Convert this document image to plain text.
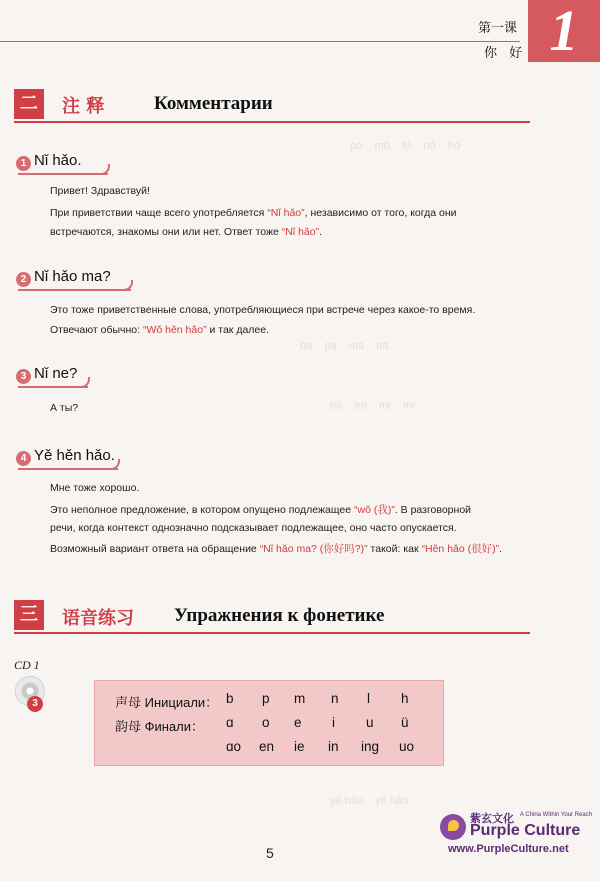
pó    mó    fó    nó    hó
ba    pa    ma    na
mí    mì    mǐ    mi
yě hǎo    yě hǎo
第一课
你 好 1
二	注 释	Комментарии
1 Nǐ hǎo.
Привет! Здравствуй!
При приветствии чаще всего употребляется “Nǐ hǎo”, независимо от того, когда они
встречаются, знакомы они или нет. Ответ тоже “Nǐ hǎo”.
2 Nǐ hǎo ma?
Это тоже приветственные слова, употребляющиеся при встрече через какое-то время.
Отвечают обычно: “Wǒ hěn hǎo” и так далее.
3 Nǐ ne?
А ты?
4 Yě hěn hǎo.
Мне тоже хорошо.
Это неполное предложение, в котором опущено подлежащее “wǒ (我)”. В разговорной
речи, когда контекст однозначно подсказывает подлежащее, оно часто опускается.
Возможный вариант ответа на обращение “Nǐ hǎo ma? (你好吗?)” такой: как “Hěn hǎo (很好)”.
三	语音练习 Упражнения к фонетике
CD 1
3	声母 Инициали： b p m n l h
韵母 Финали： ɑ o e i u ü
ɑo en ie in ing uo
5
紫玄文化 A China Within Your Reach
Purple Culture
www.PurpleCulture.net
